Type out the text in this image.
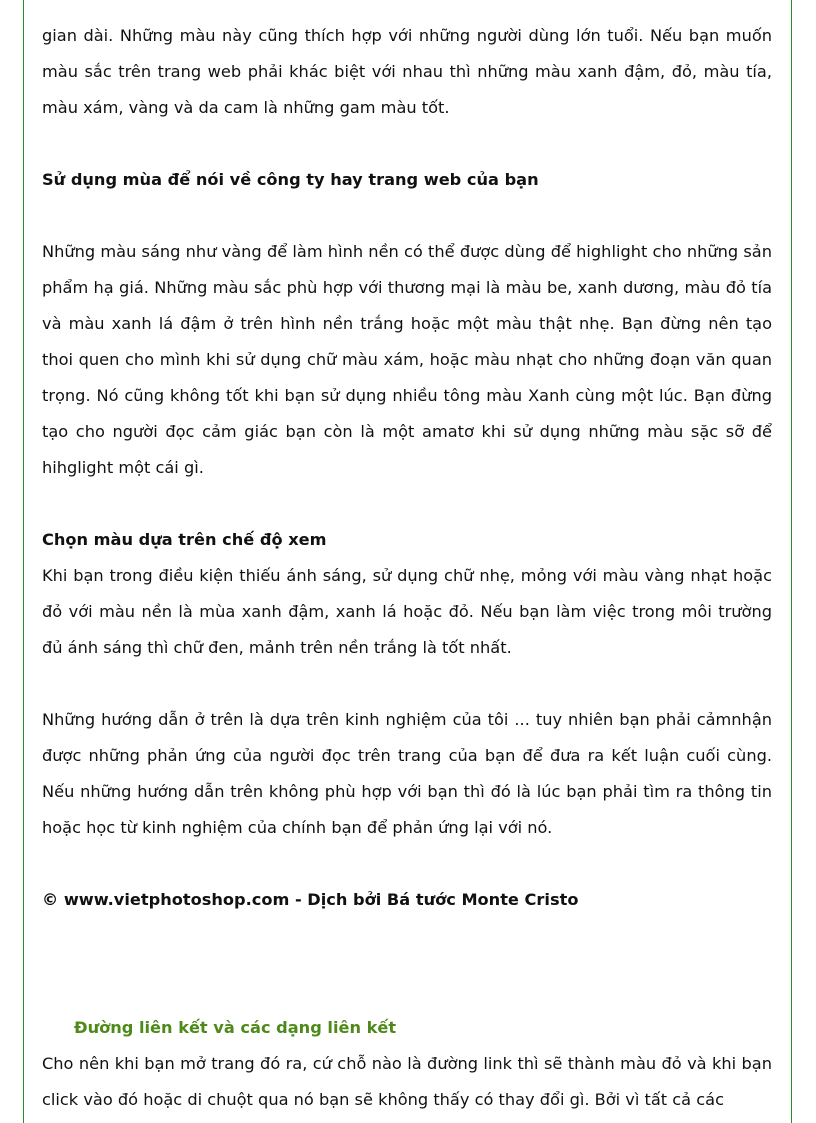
gian dài. Những màu này cũng thích hợp với những người dùng lớn tuổi. Nếu bạn muốn màu sắc trên trang web phải khác biệt với nhau thì những màu xanh đậm, đỏ, màu tía, màu xám, vàng và da cam là những gam màu tốt.

Sử dụng mùa để nói về công ty hay trang web của bạn

Những màu sáng như vàng để làm hình nền có thể được dùng để highlight cho những sản phẩm hạ giá. Những màu sắc phù hợp với thương mại là màu be, xanh dương, màu đỏ tía và màu xanh lá đậm ở trên hình nền trắng hoặc một màu thật nhẹ. Bạn đừng nên tạo thoi quen cho mình khi sử dụng chữ màu xám, hoặc màu nhạt cho những đoạn văn quan trọng. Nó cũng không tốt khi bạn sử dụng nhiều tông màu Xanh cùng một lúc. Bạn đừng tạo cho người đọc cảm giác bạn còn là một amatơ khi sử dụng những màu sặc sỡ để hihglight một cái gì.

Chọn màu dựa trên chế độ xem

Khi bạn trong điều kiện thiếu ánh sáng, sử dụng chữ nhẹ, mỏng với màu vàng nhạt hoặc đỏ với màu nền là mùa xanh đậm, xanh lá hoặc đỏ. Nếu bạn làm việc trong môi trường đủ ánh sáng thì chữ đen, mảnh trên nền trắng là tốt nhất.

Những hướng dẫn ở trên là dựa trên kinh nghiệm của tôi ... tuy nhiên bạn phải cảmnhận được những phản ứng của người đọc trên trang của bạn để đưa ra kết luận cuối cùng. Nếu những hướng dẫn trên không phù hợp với bạn thì đó là lúc bạn phải tìm ra thông tin hoặc học từ kinh nghiệm của chính bạn để phản ứng lại với nó.

© www.vietphotoshop.com - Dịch bởi Bá tước Monte Cristo
Đường liên kết và các dạng liên kết

Cho nên khi bạn mở trang đó ra, cứ chỗ nào là đường link thì sẽ thành màu đỏ và khi bạn click vào đó hoặc di chuột qua nó bạn sẽ không thấy có thay đổi gì. Bởi vì tất cả các
